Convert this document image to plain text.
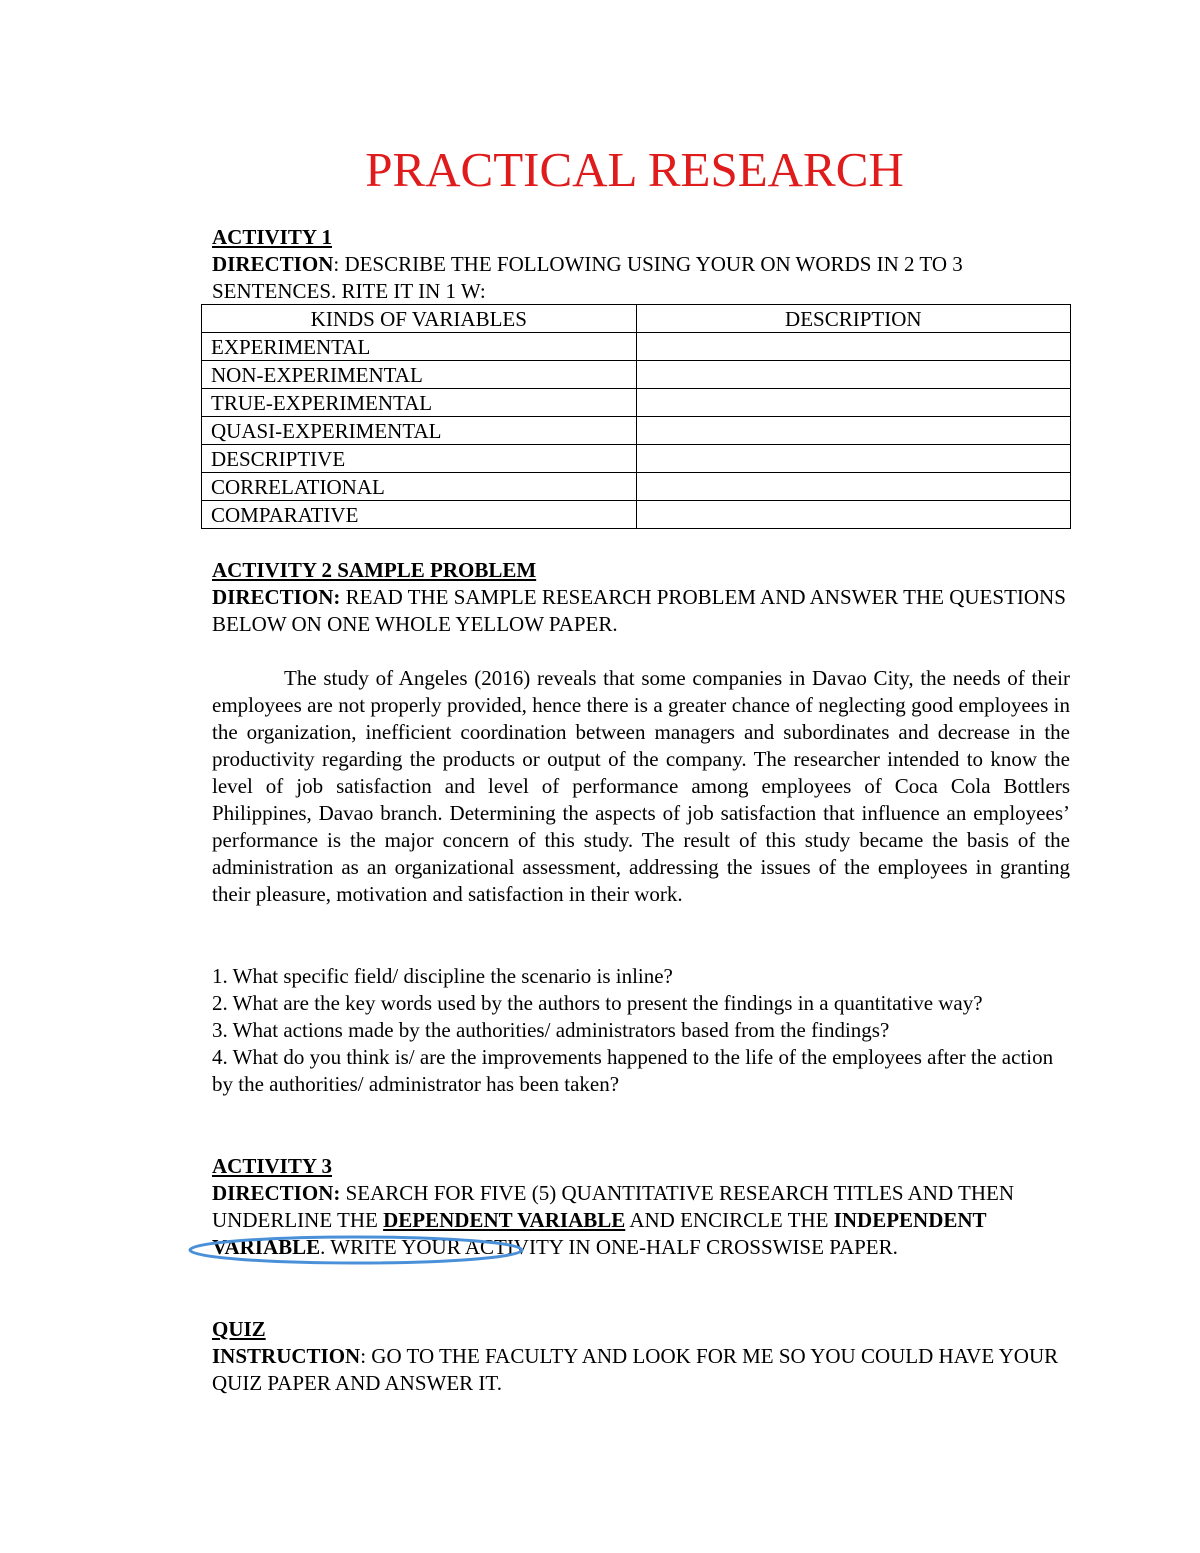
PRACTICAL RESEARCH
ACTIVITY 1
DIRECTION: DESCRIBE THE FOLLOWING USING YOUR ON WORDS IN 2 TO 3 SENTENCES. RITE IT IN 1 W:
KINDS OF VARIABLES	DESCRIPTION
EXPERIMENTAL	
NON-EXPERIMENTAL	
TRUE-EXPERIMENTAL	
QUASI-EXPERIMENTAL	
DESCRIPTIVE	
CORRELATIONAL	
COMPARATIVE	
ACTIVITY 2 SAMPLE PROBLEM
DIRECTION: READ THE SAMPLE RESEARCH PROBLEM AND ANSWER THE QUESTIONS BELOW ON ONE WHOLE YELLOW PAPER.
The study of Angeles (2016) reveals that some companies in Davao City, the needs of their employees are not properly provided, hence there is a greater chance of neglecting good employees in the organization, inefficient coordination between managers and subordinates and decrease in the productivity regarding the products or output of the company. The researcher intended to know the level of job satisfaction and level of performance among employees of Coca Cola Bottlers Philippines, Davao branch. Determining the aspects of job satisfaction that influence an employees’ performance is the major concern of this study. The result of this study became the basis of the administration as an organizational assessment, addressing the issues of the employees in granting their pleasure, motivation and satisfaction in their work.
1. What specific field/ discipline the scenario is inline?
2. What are the key words used by the authors to present the findings in a quantitative way?
3. What actions made by the authorities/ administrators based from the findings?
4. What do you think is/ are the improvements happened to the life of the employees after the action by the authorities/ administrator has been taken?
ACTIVITY 3
DIRECTION: SEARCH FOR FIVE (5) QUANTITATIVE RESEARCH TITLES AND THEN UNDERLINE THE DEPENDENT VARIABLE AND ENCIRCLE THE INDEPENDENT VARIABLE. WRITE YOUR ACTIVITY IN ONE-HALF CROSSWISE PAPER.
QUIZ
INSTRUCTION: GO TO THE FACULTY AND LOOK FOR ME SO YOU COULD HAVE YOUR QUIZ PAPER AND ANSWER IT.
